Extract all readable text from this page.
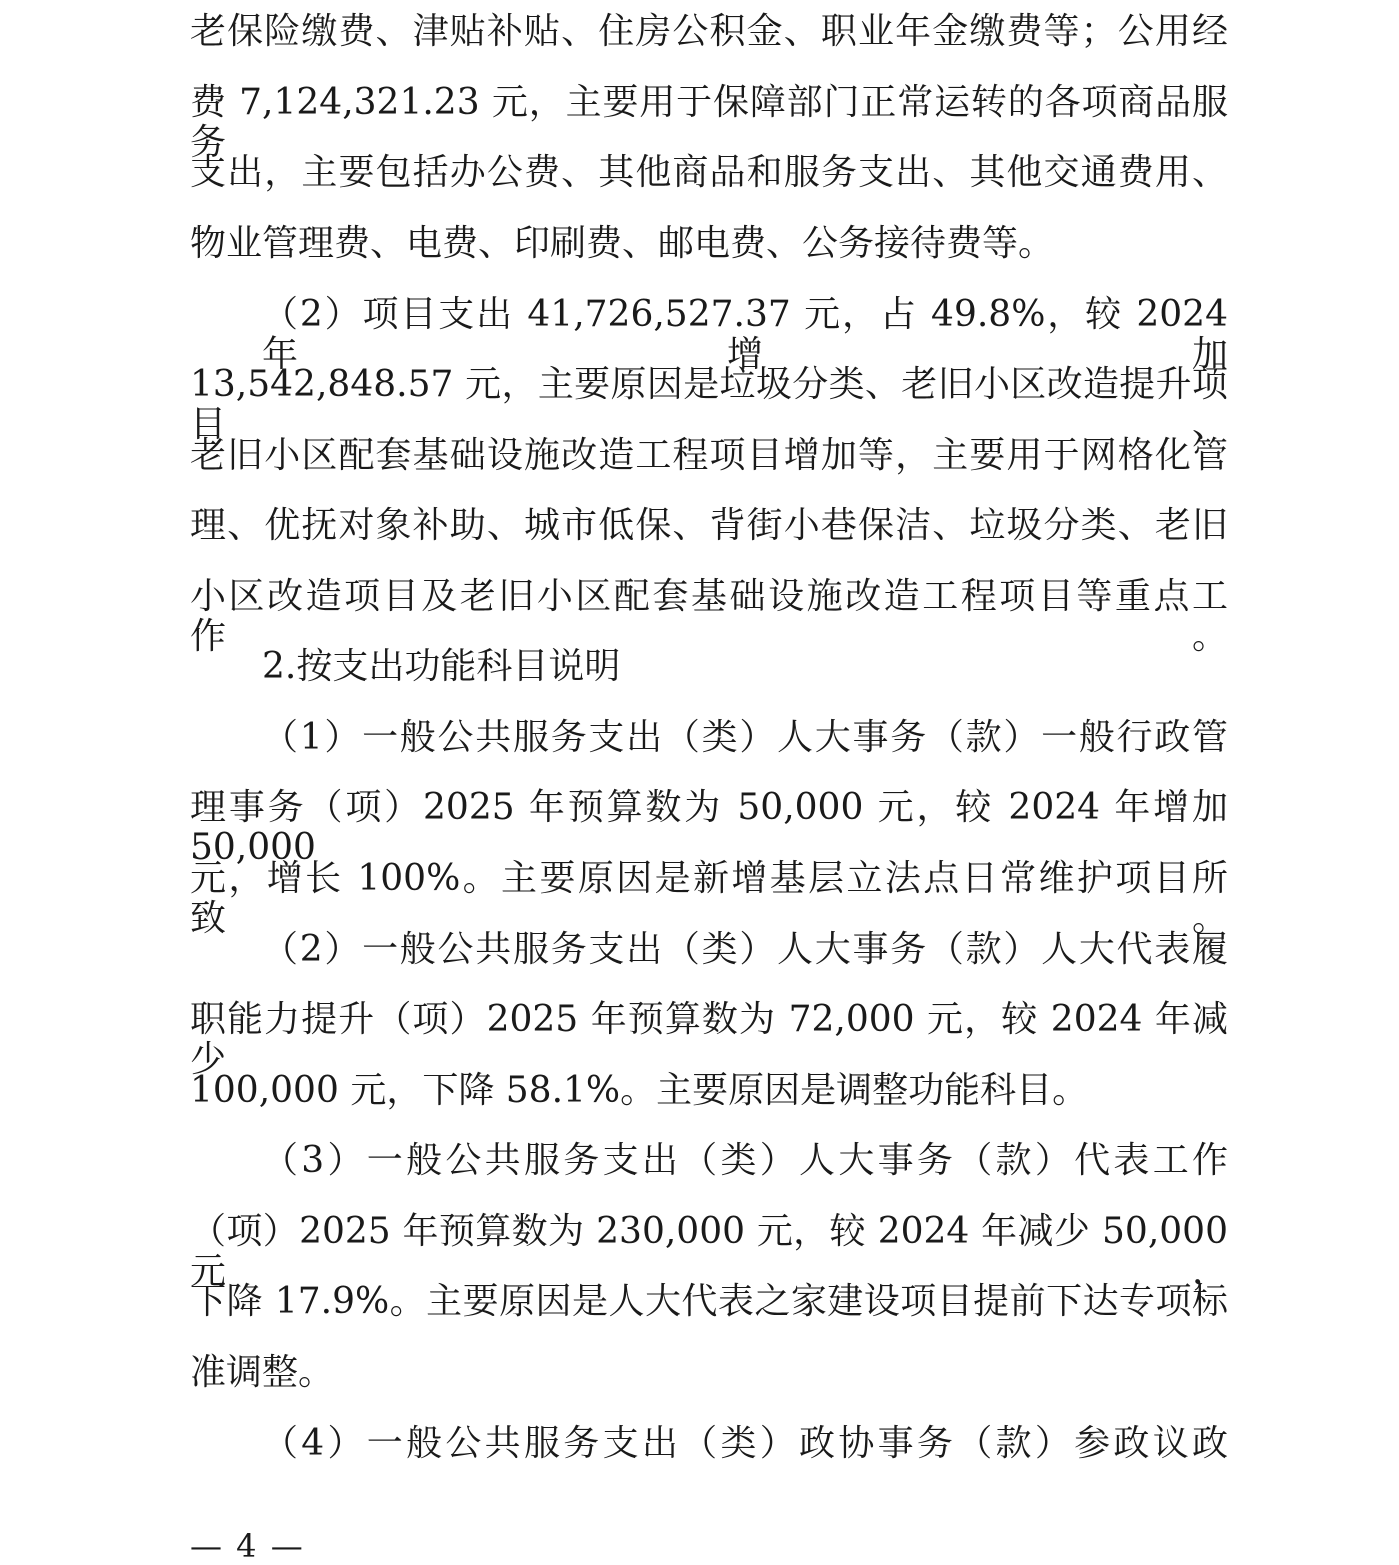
老保险缴费、津贴补贴、住房公积金、职业年金缴费等；公用经
费 7,124,321.23 元，主要用于保障部门正常运转的各项商品服务
支出，主要包括办公费、其他商品和服务支出、其他交通费用、
物业管理费、电费、印刷费、邮电费、公务接待费等。
（2）项目支出 41,726,527.37 元，占 49.8%，较 2024 年增加
13,542,848.57 元，主要原因是垃圾分类、老旧小区改造提升项目、
老旧小区配套基础设施改造工程项目增加等，主要用于网格化管
理、优抚对象补助、城市低保、背街小巷保洁、垃圾分类、老旧
小区改造项目及老旧小区配套基础设施改造工程项目等重点工作。
2.按支出功能科目说明
（1）一般公共服务支出（类）人大事务（款）一般行政管
理事务（项）2025 年预算数为 50,000 元，较 2024 年增加 50,000
元，增长 100%。主要原因是新增基层立法点日常维护项目所致。
（2）一般公共服务支出（类）人大事务（款）人大代表履
职能力提升（项）2025 年预算数为 72,000 元，较 2024 年减少
100,000 元，下降 58.1%。主要原因是调整功能科目。
（3）一般公共服务支出（类）人大事务（款）代表工作
（项）2025 年预算数为 230,000 元，较 2024 年减少 50,000 元，
下降 17.9%。主要原因是人大代表之家建设项目提前下达专项标
准调整。
（4）一般公共服务支出（类）政协事务（款）参政议政
— 4 —
